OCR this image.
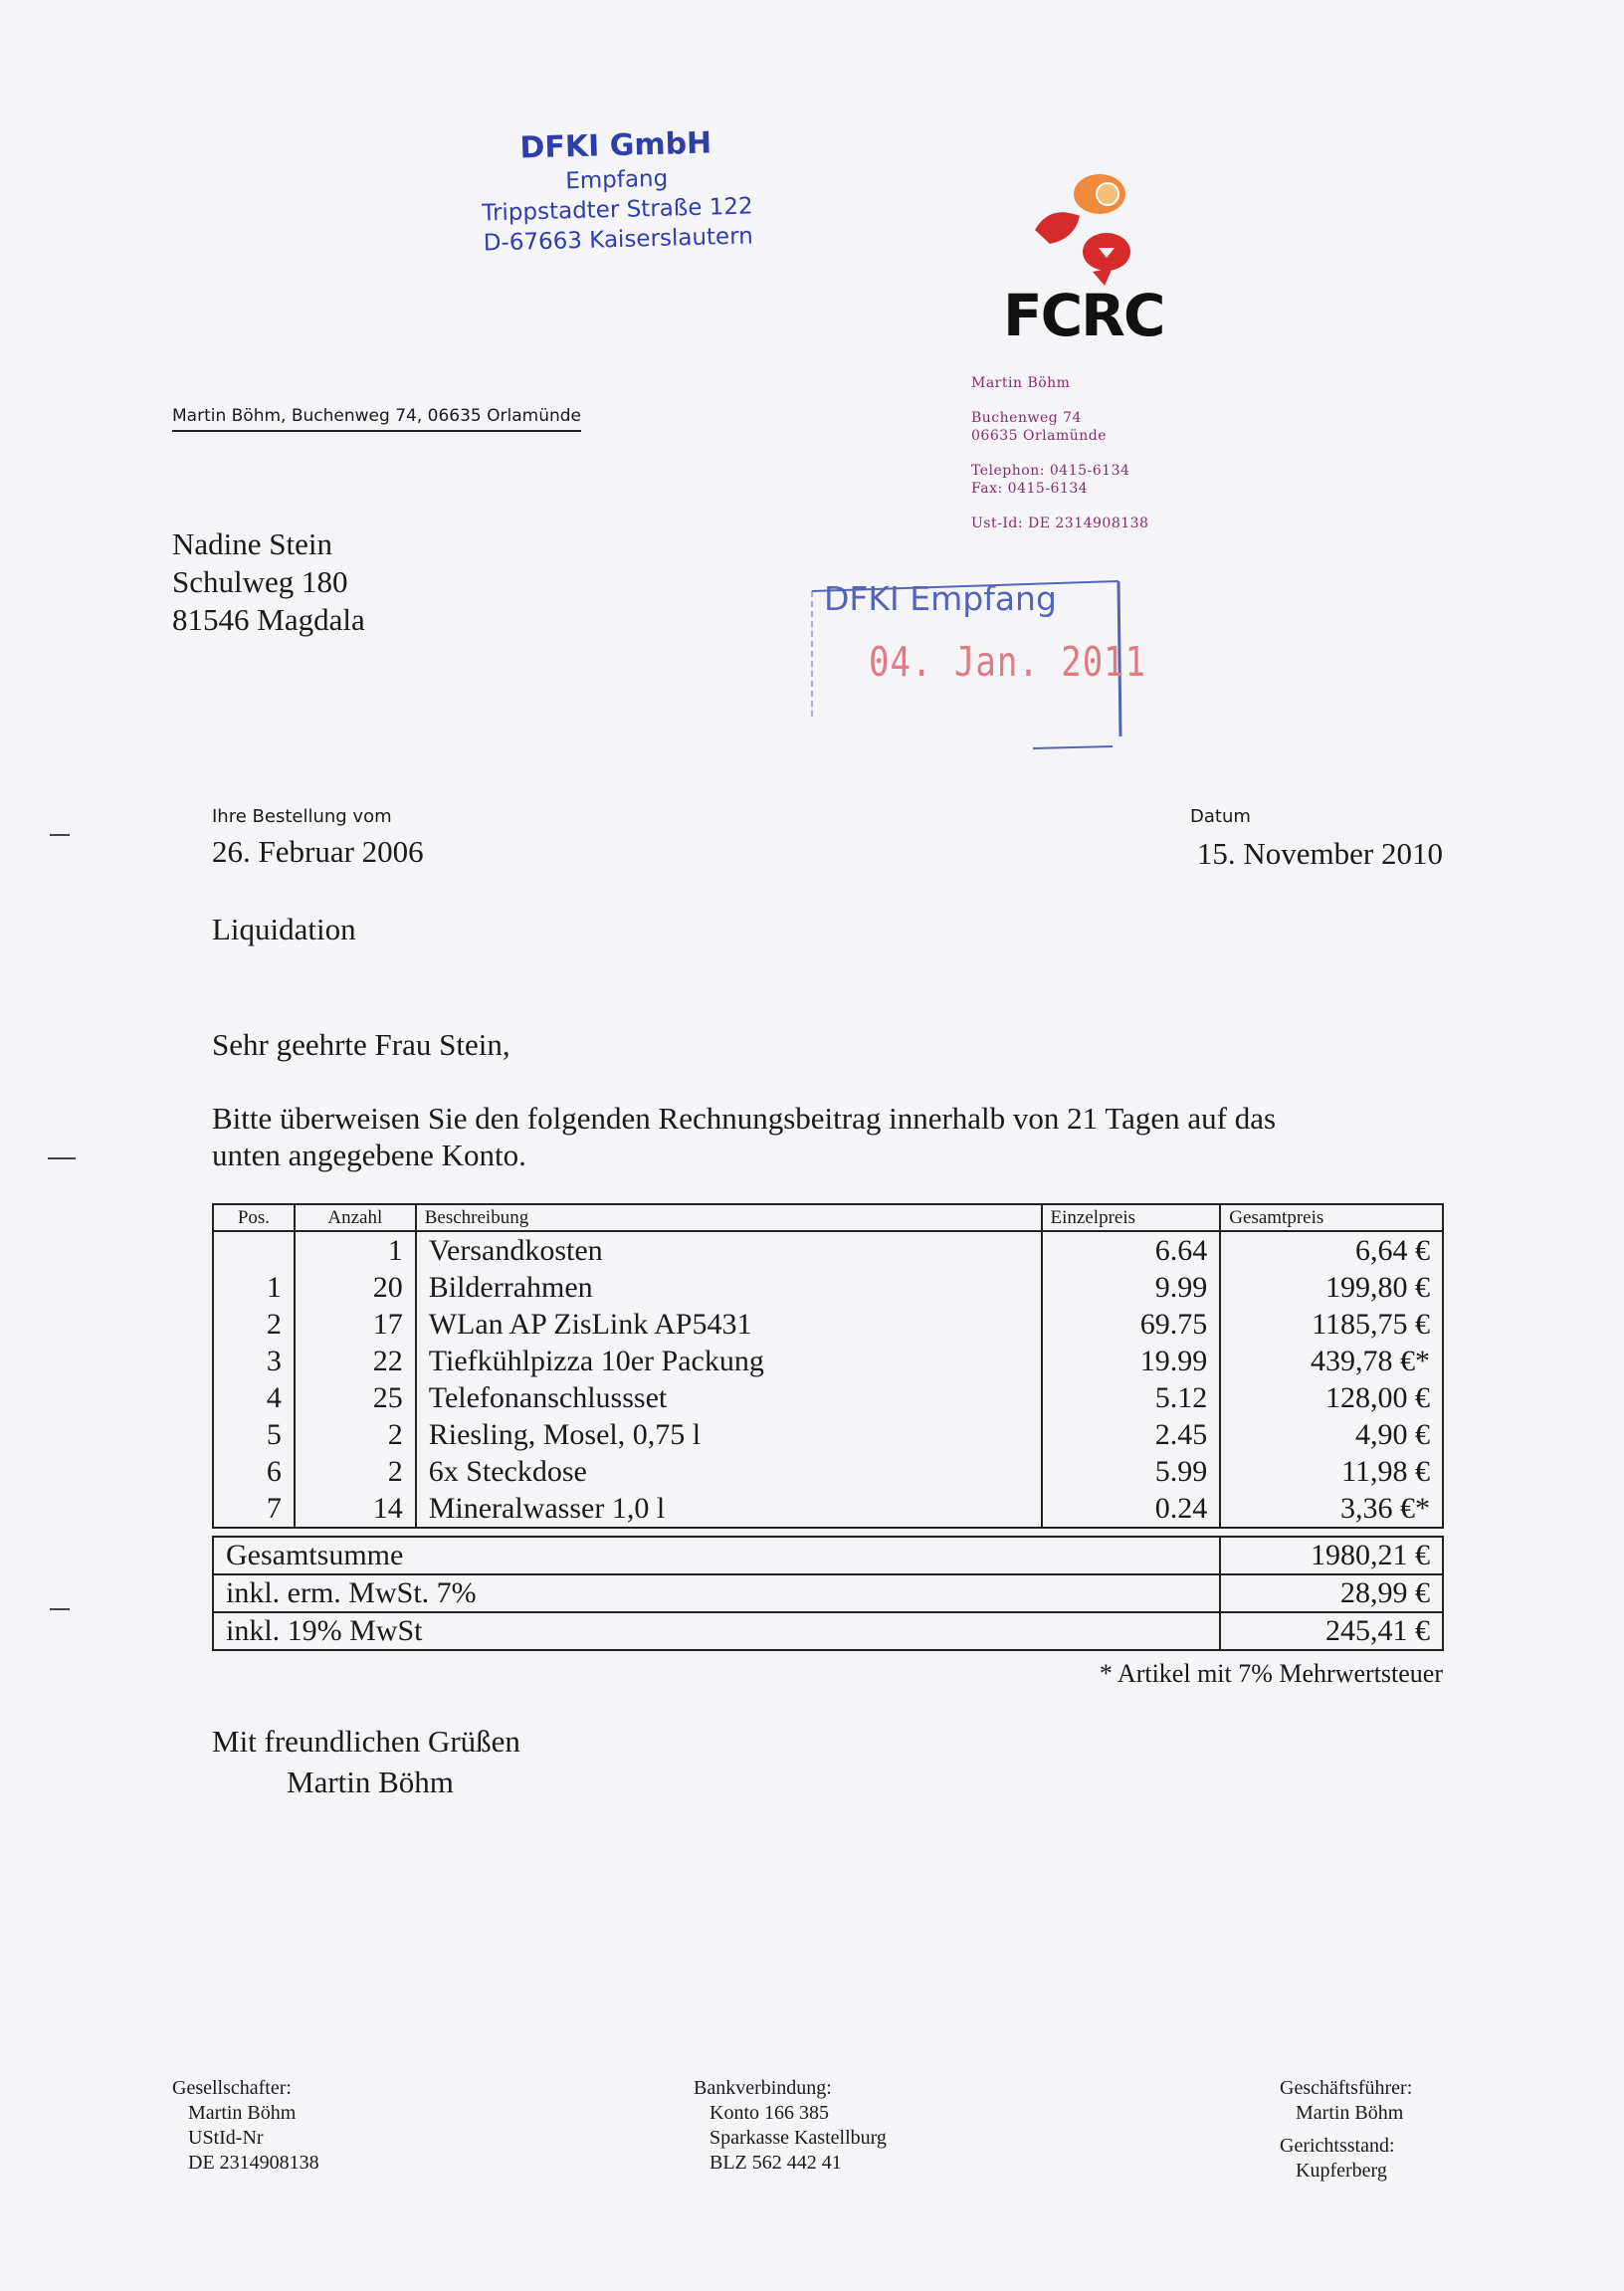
DFKI GmbH
Empfang
Trippstadter Straße 122
D-67663 Kaiserslautern
FCRC
Martin Böhm
Buchenweg 74
06635 Orlamünde
Telephon: 0415-6134
Fax: 0415-6134
Ust-Id: DE 2314908138
Martin Böhm, Buchenweg 74, 06635 Orlamünde
Nadine Stein
Schulweg 180
81546 Magdala
DFKI Empfang
04. Jan. 2011
Ihre Bestellung vom
26. Februar 2006
Datum
15. November 2010
Liquidation
Sehr geehrte Frau Stein,
Bitte überweisen Sie den folgenden Rechnungsbeitrag innerhalb von 21 Tagen auf das
unten angegebene Konto.
Pos.	Anzahl	Beschreibung	Einzelpreis	Gesamtpreis
	1	Versandkosten	6.64	6,64 €
1	20	Bilderrahmen	9.99	199,80 €
2	17	WLan AP ZisLink AP5431	69.75	1185,75 €
3	22	Tiefkühlpizza 10er Packung	19.99	439,78 €*
4	25	Telefonanschlussset	5.12	128,00 €
5	2	Riesling, Mosel, 0,75 l	2.45	4,90 €
6	2	6x Steckdose	5.99	11,98 €
7	14	Mineralwasser 1,0 l	0.24	3,36 €*
Gesamtsumme	1980,21 €
inkl. erm. MwSt. 7%	28,99 €
inkl. 19% MwSt	245,41 €
* Artikel mit 7% Mehrwertsteuer
Mit freundlichen Grüßen
Martin Böhm
Gesellschafter:
Martin Böhm
UStId-Nr
DE 2314908138
Bankverbindung:
Konto 166 385
Sparkasse Kastellburg
BLZ 562 442 41
Geschäftsführer:
Martin Böhm
Gerichtsstand:
Kupferberg
